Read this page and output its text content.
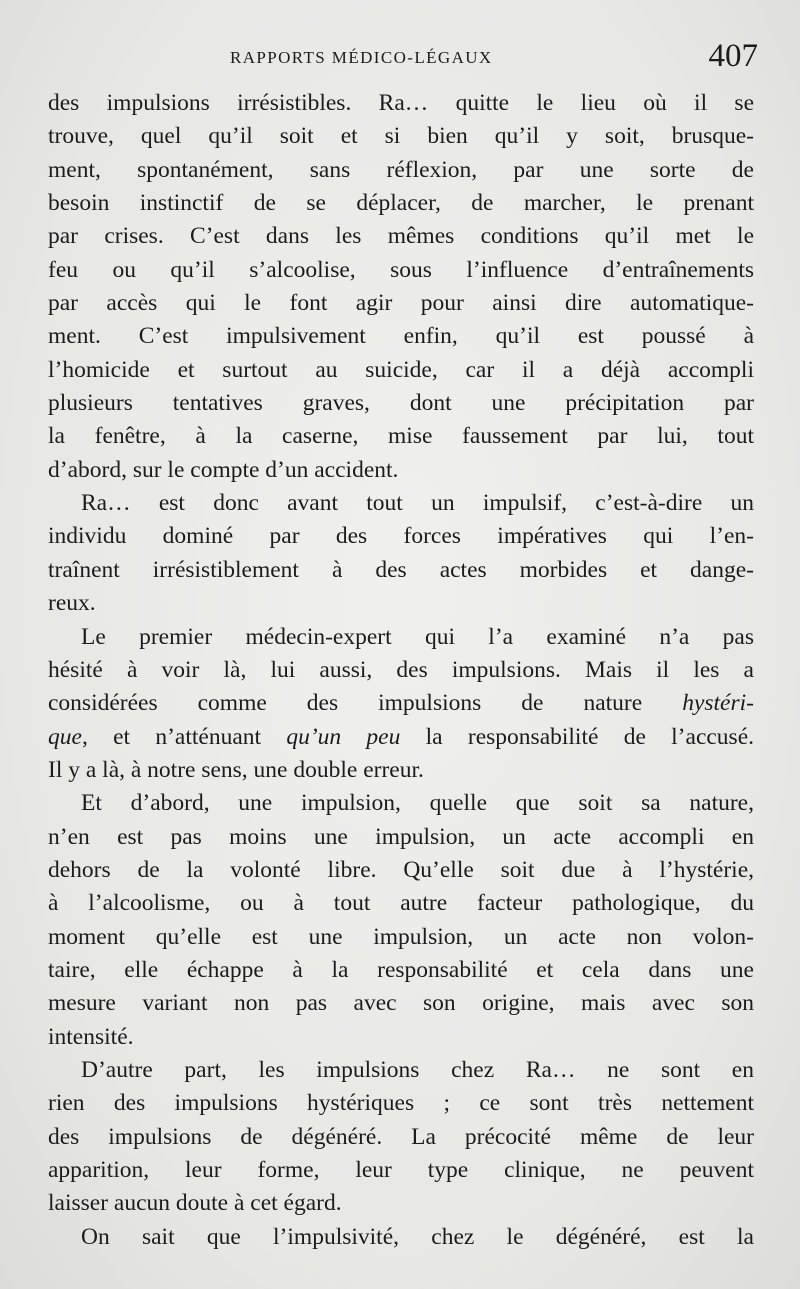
RAPPORTS MÉDICO-LÉGAUX	407
des impulsions irrésistibles. Ra… quitte le lieu où il se
trouve, quel qu’il soit et si bien qu’il y soit, brusque-
ment, spontanément, sans réflexion, par une sorte de
besoin instinctif de se déplacer, de marcher, le prenant
par crises. C’est dans les mêmes conditions qu’il met le
feu ou qu’il s’alcoolise, sous l’influence d’entraînements
par accès qui le font agir pour ainsi dire automatique-
ment. C’est impulsivement enfin, qu’il est poussé à
l’homicide et surtout au suicide, car il a déjà accompli
plusieurs tentatives graves, dont une précipitation par
la fenêtre, à la caserne, mise faussement par lui, tout
d’abord, sur le compte d’un accident.
Ra… est donc avant tout un impulsif, c’est-à-dire un
individu dominé par des forces impératives qui l’en-
traînent irrésistiblement à des actes morbides et dange-
reux.
Le premier médecin-expert qui l’a examiné n’a pas
hésité à voir là, lui aussi, des impulsions. Mais il les a
considérées comme des impulsions de nature hystéri-
que, et n’atténuant qu’un peu la responsabilité de l’accusé.
Il y a là, à notre sens, une double erreur.
Et d’abord, une impulsion, quelle que soit sa nature,
n’en est pas moins une impulsion, un acte accompli en
dehors de la volonté libre. Qu’elle soit due à l’hystérie,
à l’alcoolisme, ou à tout autre facteur pathologique, du
moment qu’elle est une impulsion, un acte non volon-
taire, elle échappe à la responsabilité et cela dans une
mesure variant non pas avec son origine, mais avec son
intensité.
D’autre part, les impulsions chez Ra… ne sont en
rien des impulsions hystériques ; ce sont très nettement
des impulsions de dégénéré. La précocité même de leur
apparition, leur forme, leur type clinique, ne peuvent
laisser aucun doute à cet égard.
On sait que l’impulsivité, chez le dégénéré, est la
